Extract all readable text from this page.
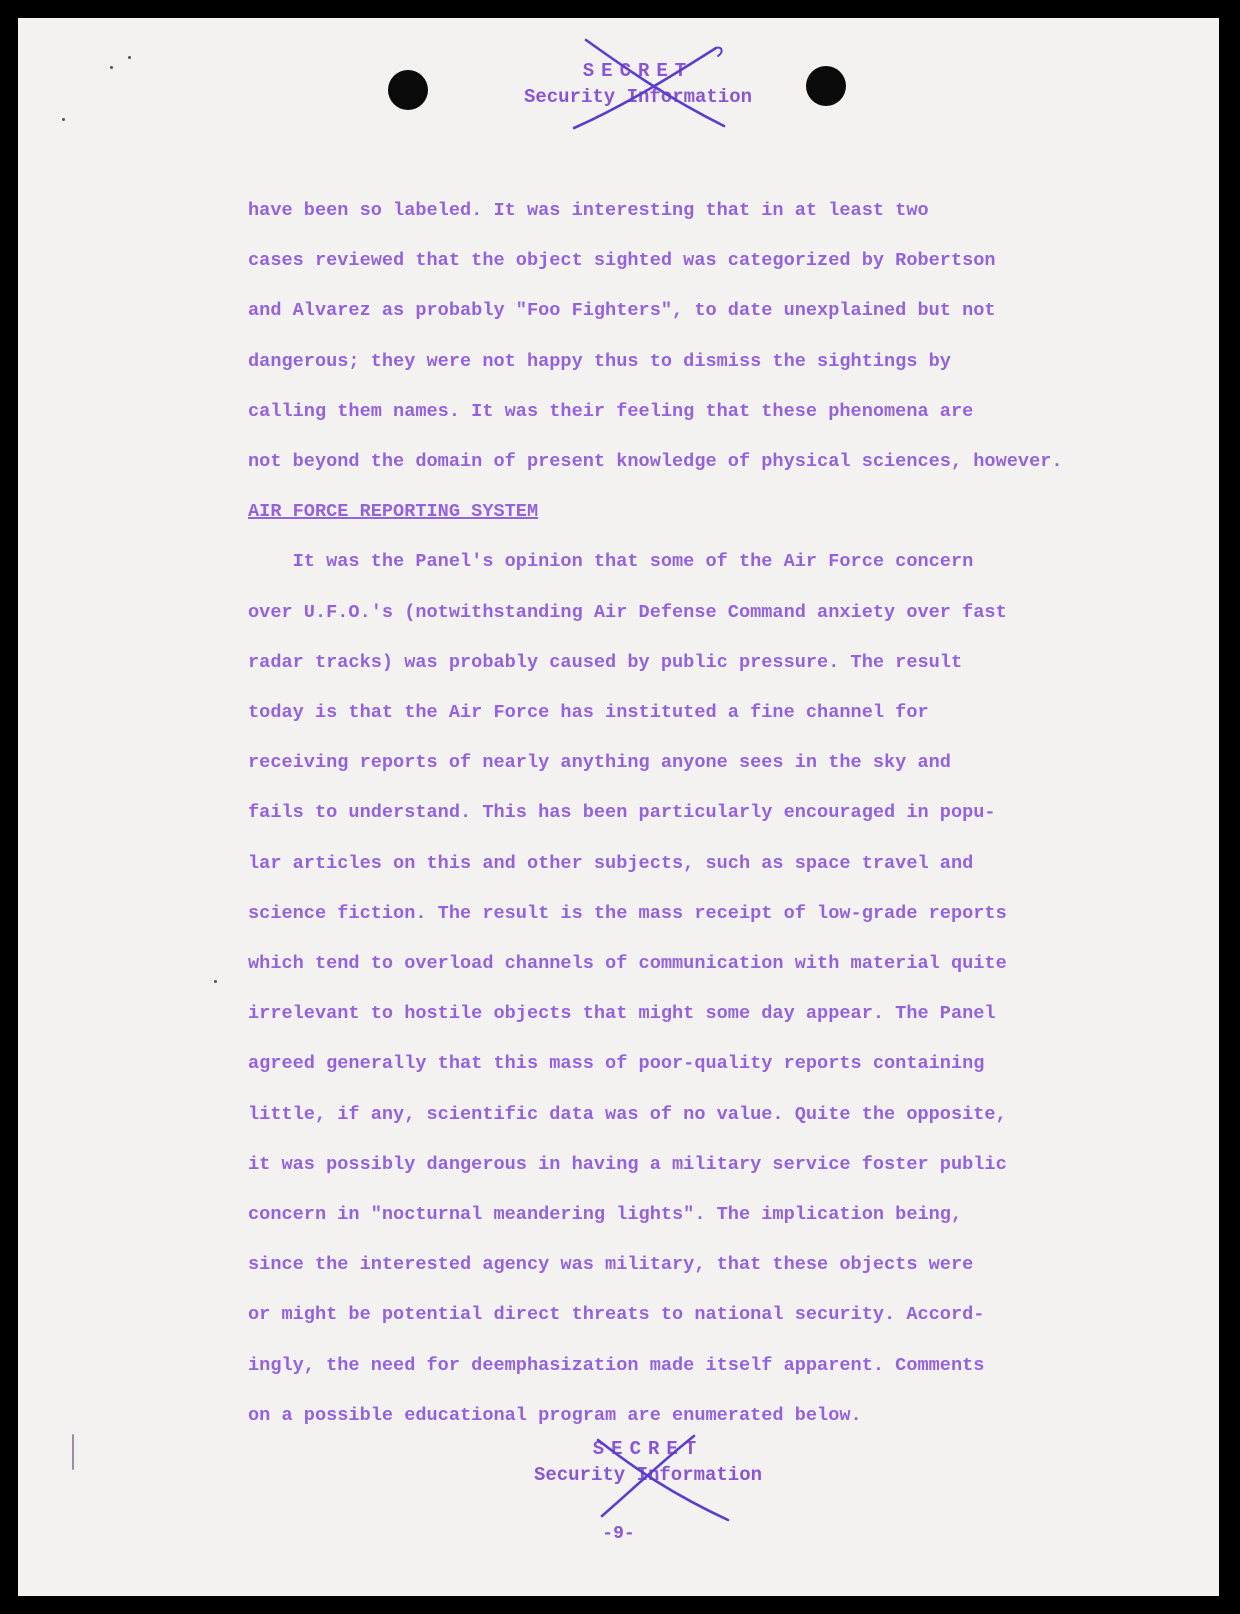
SECRET
Security Information
have been so labeled. It was interesting that in at least two
cases reviewed that the object sighted was categorized by Robertson
and Alvarez as probably "Foo Fighters", to date unexplained but not
dangerous; they were not happy thus to dismiss the sightings by
calling them names. It was their feeling that these phenomena are
not beyond the domain of present knowledge of physical sciences, however.
AIR FORCE REPORTING SYSTEM
It was the Panel's opinion that some of the Air Force concern
over U.F.O.'s (notwithstanding Air Defense Command anxiety over fast
radar tracks) was probably caused by public pressure. The result
today is that the Air Force has instituted a fine channel for
receiving reports of nearly anything anyone sees in the sky and
fails to understand. This has been particularly encouraged in popu-
lar articles on this and other subjects, such as space travel and
science fiction. The result is the mass receipt of low-grade reports
which tend to overload channels of communication with material quite
irrelevant to hostile objects that might some day appear. The Panel
agreed generally that this mass of poor-quality reports containing
little, if any, scientific data was of no value. Quite the opposite,
it was possibly dangerous in having a military service foster public
concern in "nocturnal meandering lights". The implication being,
since the interested agency was military, that these objects were
or might be potential direct threats to national security. Accord-
ingly, the need for deemphasization made itself apparent. Comments
on a possible educational program are enumerated below.
SECRET
Security Information
-9-
